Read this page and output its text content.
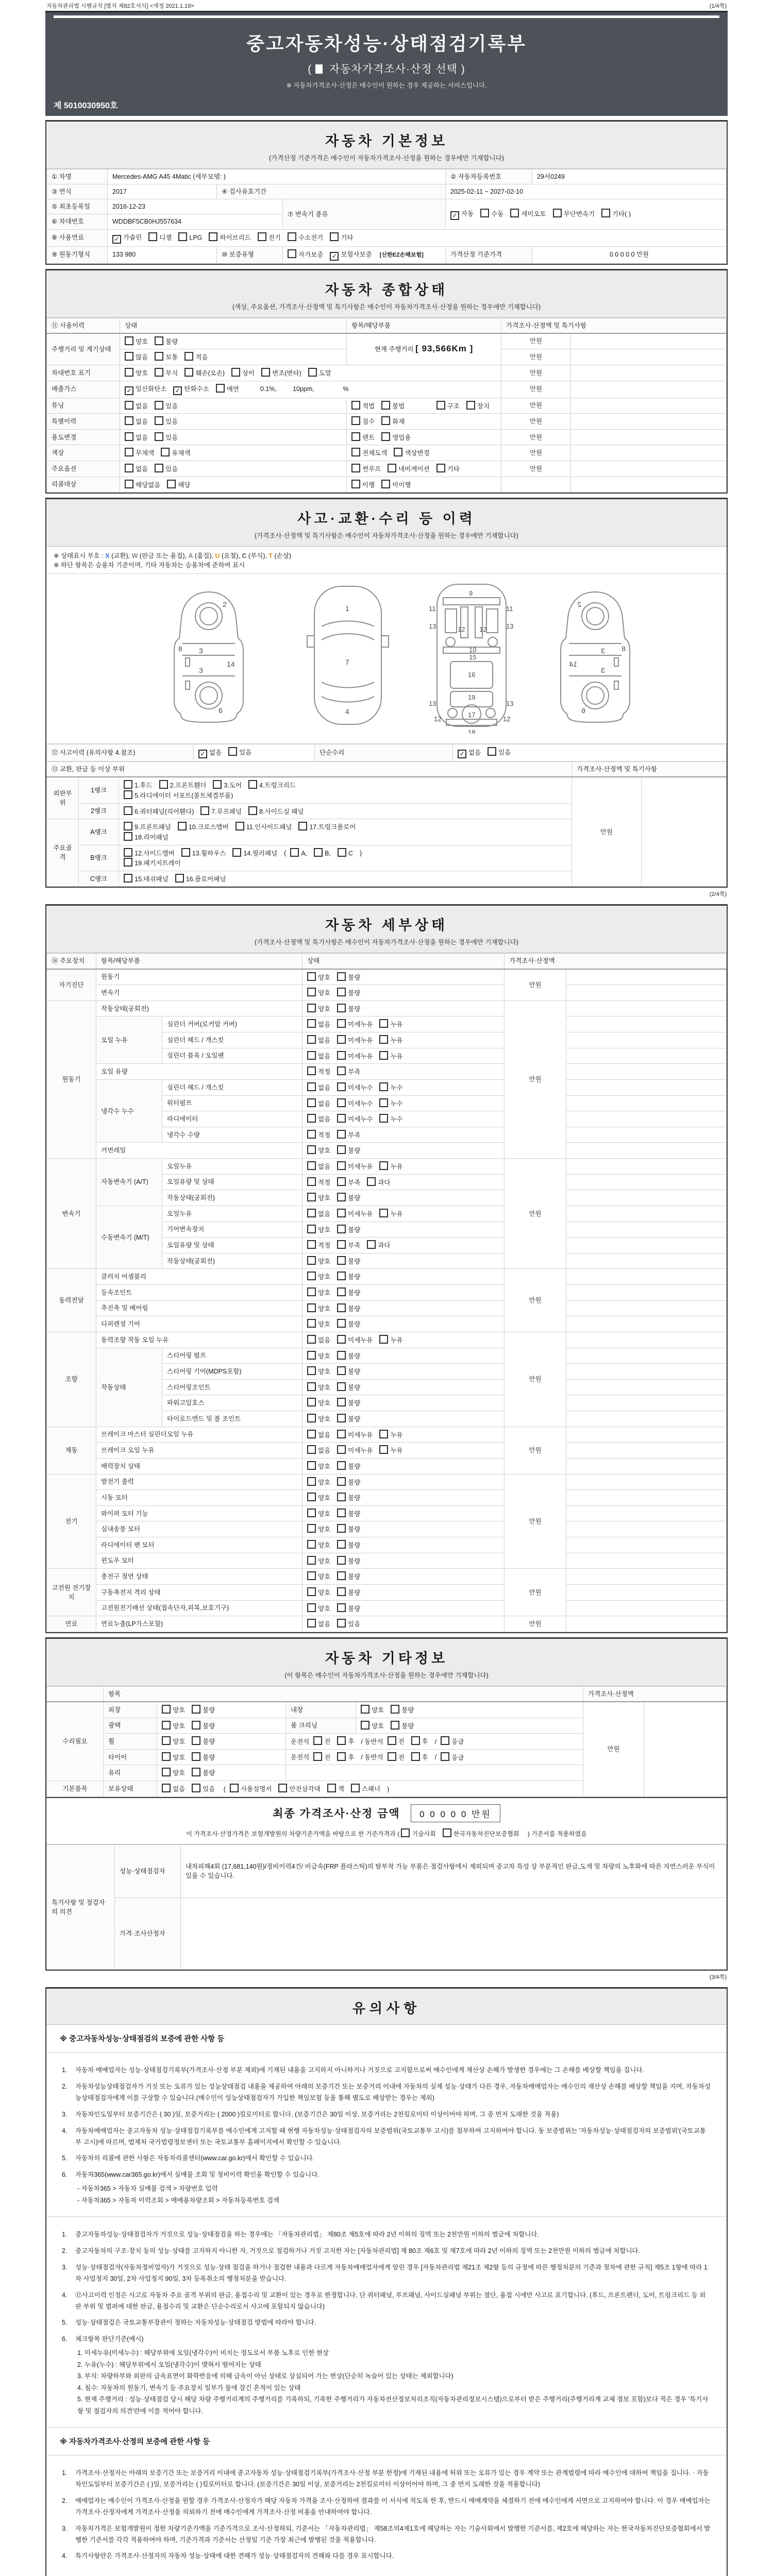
자동차관리법 시행규칙 [별지 제82호서식] <개정 2021.1.19>	(1/4쪽)
중고자동차성능·상태점검기록부
( 자동차가격조사·산정 선택 )
※ 자동차가격조사·산정은 매수인이 원하는 경우 제공하는 서비스입니다.
제 5010030950호
자동차 기본정보

(가격산정 기준가격은 매수인이 자동차가격조사·산정을 원하는 경우에만 기재합니다)

① 차명	Mercedes-AMG A45 4Matic (세부모델: )			② 자동차등록번호	29서0249
③ 연식	2017	④ 검사유효기간		2025-02-11 ~ 2027-02-10	
⑤ 최초등록일	2016-12-23		⑦ 변속기 종류	✓ 자동 수동 세미오토 무단변속기 기타( )	
⑥ 차대번호	WDDBF5CB0HJ557634				
⑧ 사용연료	✓ 가솔린 디젤 LPG 하이브리드 전기 수소전기 기타				
⑨ 원동기형식	133 980	⑩ 보증유형	자가보증 ✓ 보험사보증 [신한EZ손해보험]	가격산정 기준가격	0 0 0 0 0 만원
자동차 종합상태

(색상, 주요옵션, 가격조사·산정액 및 특기사항은 매수인이 자동차가격조사·산정을 원하는 경우에만 기재합니다)

⑪ 사용이력	상태	항목/해당부품	가격조사·산정액 및 특기사항	
주행거리 및 계기상태	양호 불량	현재 주행거리 [ 93,566Km ]	만원	
	많음 보통 적음		만원	
차대번호 표기	양호 부식 훼손(오손) 상이 변조(변타) 도말		만원	
배출가스	✓ 일산화탄소 ✓ 탄화수소 매연 0.1%,         10ppm,                %		만원	
튜닝	없음 있음	적법 불법 구조 장치	만원	
특별이력	없음 있음	침수 화재	만원	
용도변경	없음 있음	렌트 영업용	만원	
색상	무채색 유채색	전체도색 색상변경	만원	
주요옵션	없음 있음	썬루프 네비게이션 기타	만원	
리콜대상	해당없음 해당	이행 미이행		
사고·교환·수리 등 이력

(가격조사·산정액 및 특기사항은 매수인이 자동차가격조사·산정을 원하는 경우에만 기재합니다)

※ 상태표시 부호 : X (교환), W (판금 또는 용접), A (흠집), U (요철), C (부식), T (손상)
※ 하단 항목은 승용차 기준이며, 기타 자동차는 승용차에 준하여 표시
2
8 3
14
3
6
1
7
4
11	11
13	13
12 12
9
10
15
16
19
13	13
12	12
17
18
2
8
3
14
3
6
⑫ 사고이력 (유의사항 4.참조)	✓ 없음	있음	단순수리	✓ 없음	있음
⑬ 교환, 판금 등 이상 부위			가격조사·산정액 및 특기사항	
외판부위	1랭크	1.후드 2.프론트휀더 3.도어 4.트렁크리드
5.라디에이터 서포트(볼트체결부품)	만원	
	2랭크	6.쿼터패널(리어휀다) 7.루프패널 8.사이드실 패널		
주요골격	A랭크	9.프론트패널 10.크로스멤버 11.인사이드패널 17.트렁크플로어
18.리어패널		
	B랭크	12.사이드멤버 13.휠하우스 14.필러패널 ( A, B, C )
19.패키지트레이		
	C랭크	15.대쉬패널 16.플로어패널		
(2/4쪽)
자동차 세부상태

(가격조사·산정액 및 특기사항은 매수인이 자동차가격조사·산정을 원하는 경우에만 기재합니다)

⑭ 주요장치	항목/해당부품		상태	가격조사·산정액	
자기진단	원동기		양호 불량	만원	
	변속기		양호 불량		
원동기	작동상태(공회전)		양호 불량	만원	
	오일 누유	실린더 커버(로커암 커버)	없음 미세누유 누유		
		실린더 헤드 / 개스킷	없음 미세누유 누유		
		실린더 블록 / 오일팬	없음 미세누유 누유		
	오일 유량		적정 부족		
	냉각수 누수	실린더 헤드 / 개스킷	없음 미세누수 누수		
		워터펌프	없음 미세누수 누수		
		라디에이터	없음 미세누수 누수		
		냉각수 수량	적정 부족		
	커먼레일		양호 불량		
변속기	자동변속기 (A/T)	오일누유	없음 미세누유 누유	만원	
		오일유량 및 상태	적정 부족 과다		
		작동상태(공회전)	양호 불량		
	수동변속기 (M/T)	오일누유	없음 미세누유 누유		
		기어변속장치	양호 불량		
		오일유량 및 상태	적정 부족 과다		
		작동상태(공회전)	양호 불량		
동력전달	클러치 어셈블리		양호 불량	만원	
	등속조인트		양호 불량		
	추진축 및 베어링		양호 불량		
	디퍼렌셜 기어		양호 불량		
조향	동력조향 작동 오일 누유		없음 미세누유 누유	만원	
	작동상태	스티어링 펌프	양호 불량		
		스티어링 기어(MDPS포함)	양호 불량		
		스티어링조인트	양호 불량		
		파워고압호스	양호 불량		
		타이로드엔드 및 볼 조인트	양호 불량		
제동	브레이크 마스터 실린더오일 누유		없음 미세누유 누유	만원	
	브레이크 오일 누유		없음 미세누유 누유		
	배력장치 상태		양호 불량		
전기	발전기 출력		양호 불량	만원	
	시동 모터		양호 불량		
	와이퍼 모터 기능		양호 불량		
	실내송풍 모터		양호 불량		
	라디에이터 팬 모터		양호 불량		
	윈도우 모터		양호 불량		
고전원 전기장치	충전구 절연 상태		양호 불량	만원	
	구동축전지 격리 상태		양호 불량		
	고전원전기배선 상태(접속단자,피복,보호기구)		양호 불량		
연료	연료누출(LP가스포함)		없음 있음	만원	
자동차 기타정보

(이 항목은 매수인이 자동차가격조사·산정을 원하는 경우에만 기재합니다)

	항목				가격조사·산정액	
수리필요	외장	양호 불량	내장	양호 불량	만원	
	광택	양호 불량	룸 크리닝	양호 불량		
	휠	양호 불량	운전석 전 후 / 동반석 전 후 / 응급			
	타이어	양호 불량	운전석 전 후 / 동반석 전 후 / 응급			
	유리	양호 불량				
기본품목	보유상태	없음 있음 ( 사용설명서 안전삼각대 잭 스패너 )				
최종 가격조사·산정 금액 0 0 0 0 0 만원
이 가격조사·산정가격은 보험개발원의 차량기준가액을 바탕으로 한 기준가격과 ( 기술사회	한국자동차진단보증협회 ) 기준서를 적용하였음
특기사항 및 점검자의 의견	성능·상태점검자	내차피해4회 (17,681,140원)/정비이력4건/ 비금속(FRP 플라스틱)의 탈부착 가능 부품은 점검사항에서 제외되며 중고차 특성 상 부분적인 판금,도색 및 차량의 노후화에 따른 자연스러운 부식이 있을 수 있습니다.
	가격·조사산정자	
(3/4쪽)
유의사항
※ 중고자동차성능·상태점검의 보증에 관한 사항 등
1.	자동차 매매업자는 성능·상태점검기록부(가격조사·산정 부분 제외)에 기재된 내용을 고지하지 아니하거나 거짓으로 고지함으로써 매수인에게 재산상 손해가 발생한 경우에는 그 손해를 배상할 책임을 집니다.
2.	자동차성능상태점검자가 거짓 또는 오류가 있는 성능상태점검 내용을 제공하여 아래의 보증기간 또는 보증거리 이내에 자동차의 실제 성능·상태가 다른 경우, 자동차매매업자는 매수인의 재산상 손해를 배상할 책임을 지며, 자동차성능상태점검자에게 이를 구상할 수 있습니다.(매수인이 성능상태점검자가 가입한 책임보험 등을 통해 별도로 배상받는 경우는 제외)
3.	자동차인도일부터 보증기간은 ( 30 )일, 보증거리는 ( 2000 )킬로미터로 합니다. (보증기간은 30일 이상, 보증거리는 2천킬로미터 이상이어야 하며, 그 중 먼저 도래한 것을 적용)
4.	자동차매매업자는 중고자동차 성능·상태점검기록부를 매수인에게 고지할 때 현행 자동차성능·상태점검자의 보증범위(국토교통부 고시)를 첨부하여 고지하여야 합니다. 동 보증범위는 '자동차성능·상태점검자의 보증범위'(국토교통부 고시)에 따르며, 법제처 국가법령정보센터 또는 국토교통부 홈페이지에서 확인할 수 있습니다.
5.	자동차의 리콜에 관한 사항은 자동차리콜센터(www.car.go.kr)에서 확인할 수 있습니다.
6.	자동차365(www.car365.go.kr)에서 실매물 조회 및 정비이력 확인을 확인할 수 있습니다.
- 자동차365 > 자동차 실매물 검색 > 차량번호 입력
- 자동차365 > 자동차 이력조회 > 매매용차량조회 > 자동차등록번호 검색
1.	중고자동차성능·상태점검자가 거짓으로 성능·상태점검을 하는 경우에는 「자동차관리법」 제80조 제5호에 따라 2년 이하의 징역 또는 2천만원 이하의 벌금에 처합니다.
2.	중고자동차의 구조·장치 등의 성능·상태를 고지하지 아니한 자, 거짓으로 점검하거나 거짓 고지한 자는 [자동차관리법] 제 80조 제6호 및 제7호에 따라 2년 이하의 징역 또는 2천만원 이하의 벌금에 처합니다.
3.	성능·상태점검자(자동차정비업자)가 거짓으로 성능·상태 점검을 하거나 점검한 내용과 다르게 자동차매매업자에게 알린 경우 [자동차관리법 제21조 제2항 등의 규정에 따른 행정처분의 기준과 절차에 관한 규칙] 제5조 1항에 따라 1차 사업정지 30일, 2차 사업정지 90일, 3차 등록취소의 행정처분을 받습니다.
4.	⑫사고이력 인정은 사고로 자동차 주요 골격 부위의 판금, 용접수리 및 교환이 있는 경우로 한정합니다. 단 쿼터패널, 루프패널, 사이드실패널 부위는 절단, 용접 시에만 사고로 표기합니다. (후드, 프론트펜더, 도어, 트렁크리드 등 외판 부위 및 범퍼에 대한 판금, 용접수리 및 교환은 단순수리로서 사고에 포함되지 않습니다)
5.	성능·상태점검은 국토교통부장관이 정하는 자동차성능·상태점검 방법에 따라야 합니다.
6.	체크항목 판단기준(예시)
1. 미세누유(미세누수) : 해당부위에 오일(냉각수)이 비치는 정도로서 부품 노후로 인한 현상
2. 누유(누수) : 해당부위에서 오일(냉각수)이 맺혀서 떨어지는 상태
3. 부식: 차량하부와 외판의 금속표면이 화학반응에 의해 금속이 아닌 상태로 상실되어 가는 현상(단순히 녹슬어 있는 상태는 제외합니다)
4. 침수: 자동차의 원동기, 변속기 등 주요장치 일부가 물에 잠긴 흔적이 있는 상태
5. 현재 주행거리 : 성능·상태점검 당시 해당 차량 주행거리계의 주행거리를 기록하되, 기록한 주행거리가 자동차전산정보처리조직(자동차관리정보시스템)으로부터 받은 주행거리(주행거리계 교체 정보 포함)보다 적은 경우 '특기사항 및 점검자의 의견'란에 이를 적어야 합니다.
※ 자동차가격조사·산정의 보증에 관한 사항 등
1.	가격조사·산정자는 아래의 보증기간 또는 보증거리 이내에 중고자동차 성능·상태점검기록부(가격조사·산정 부분 한정)에 기재된 내용에 허위 또는 오류가 있는 경우 계약 또는 관계법령에 따라 매수인에 대하여 책임을 집니다. · 자동차인도일부터 보증기간은 ( )일, 보증거리는 ( )킬로미터로 합니다. (보증기간은 30일 이상, 보증거리는 2천킬로미터 이상이어야 하며, 그 중 먼저 도래한 것을 적용합니다)
2.	매매업자는 매수인이 가격조사·산정을 원할 경우 가격조사·산정자가 해당 자동차 가격을 조사·산정하여 결과를 이 서식에 적도록 한 후, 반드시 매매계약을 체결하기 전에 매수인에게 서면으로 고지하여야 합니다. 이 경우 매매업자는 가격조사·산정자에게 가격조사·산정을 의뢰하기 전에 매수인에게 가격조사·산정 비용을 안내하여야 합니다.
3.	자동차가격은 보험개발원이 정한 차량기준가액을 기준가격으로 조사·산정하되, 기준서는 「자동차관리법」 제58조의4제1호에 해당하는 자는 기술사회에서 발행한 기준서를, 제2호에 해당하는 자는 한국자동차진단보증협회에서 발행한 기준서를 각각 적용하여야 하며, 기준가격과 기준서는 산정일 기준 가장 최근에 발행된 것을 적용합니다.
4.	특기사항란은 가격조사·산정자의 자동차 성능·상태에 대한 견해가 성능·상태점검자의 견해와 다를 경우 표시합니다.
